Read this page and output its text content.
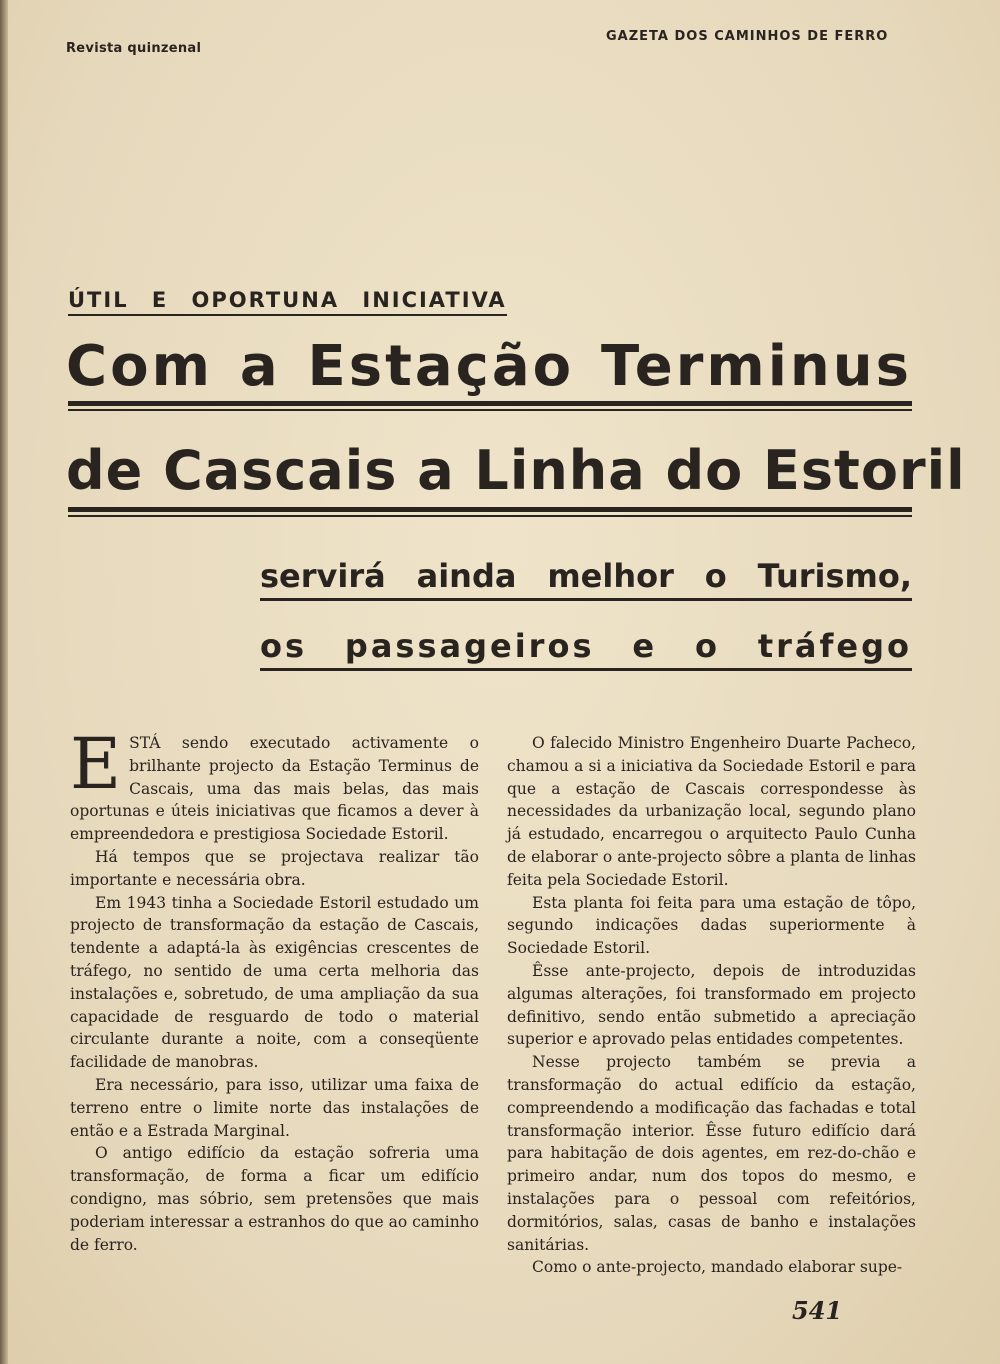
Revista quinzenal
GAZETA DOS CAMINHOS DE FERRO
ÚTIL E OPORTUNA INICIATIVA
Com a Estação Terminus
de Cascais a Linha do Estoril
servirá ainda melhor o Turismo,
os passageiros e o tráfego

ESTÁ sendo executado activamente o brilhante projecto da Estação Terminus de Cascais, uma das mais belas, das mais oportunas e úteis iniciativas que ficamos a dever à empreendedora e prestigiosa Sociedade Estoril.

Há tempos que se projectava realizar tão importante e necessária obra.

Em 1943 tinha a Sociedade Estoril estudado um projecto de transformação da estação de Cascais, tendente a adaptá-la às exigências crescentes de tráfego, no sentido de uma certa melhoria das instalações e, sobretudo, de uma ampliação da sua capacidade de resguardo de todo o material circulante durante a noite, com a conseqüente facilidade de manobras.

Era necessário, para isso, utilizar uma faixa de terreno entre o limite norte das instalações de então e a Estrada Marginal.

O antigo edifício da estação sofreria uma transformação, de forma a ficar um edifício condigno, mas sóbrio, sem pretensões que mais poderiam interessar a estranhos do que ao caminho de ferro.

O falecido Ministro Engenheiro Duarte Pacheco, chamou a si a iniciativa da Sociedade Estoril e para que a estação de Cascais correspondesse às necessidades da urbanização local, segundo plano já estudado, encarregou o arquitecto Paulo Cunha de elaborar o ante-projecto sôbre a planta de linhas feita pela Sociedade Estoril.

Esta planta foi feita para uma estação de tôpo, segundo indicações dadas superiormente à Sociedade Estoril.

Êsse ante-projecto, depois de introduzidas algumas alterações, foi transformado em projecto definitivo, sendo então submetido a apreciação superior e aprovado pelas entidades competentes.

Nesse projecto também se previa a transformação do actual edifício da estação, compreendendo a modificação das fachadas e total transformação interior. Êsse futuro edifício dará para habitação de dois agentes, em rez-do-chão e primeiro andar, num dos topos do mesmo, e instalações para o pessoal com refeitórios, dormitórios, salas, casas de banho e instalações sanitárias.

Como o ante-projecto, mandado elaborar supe-

541
